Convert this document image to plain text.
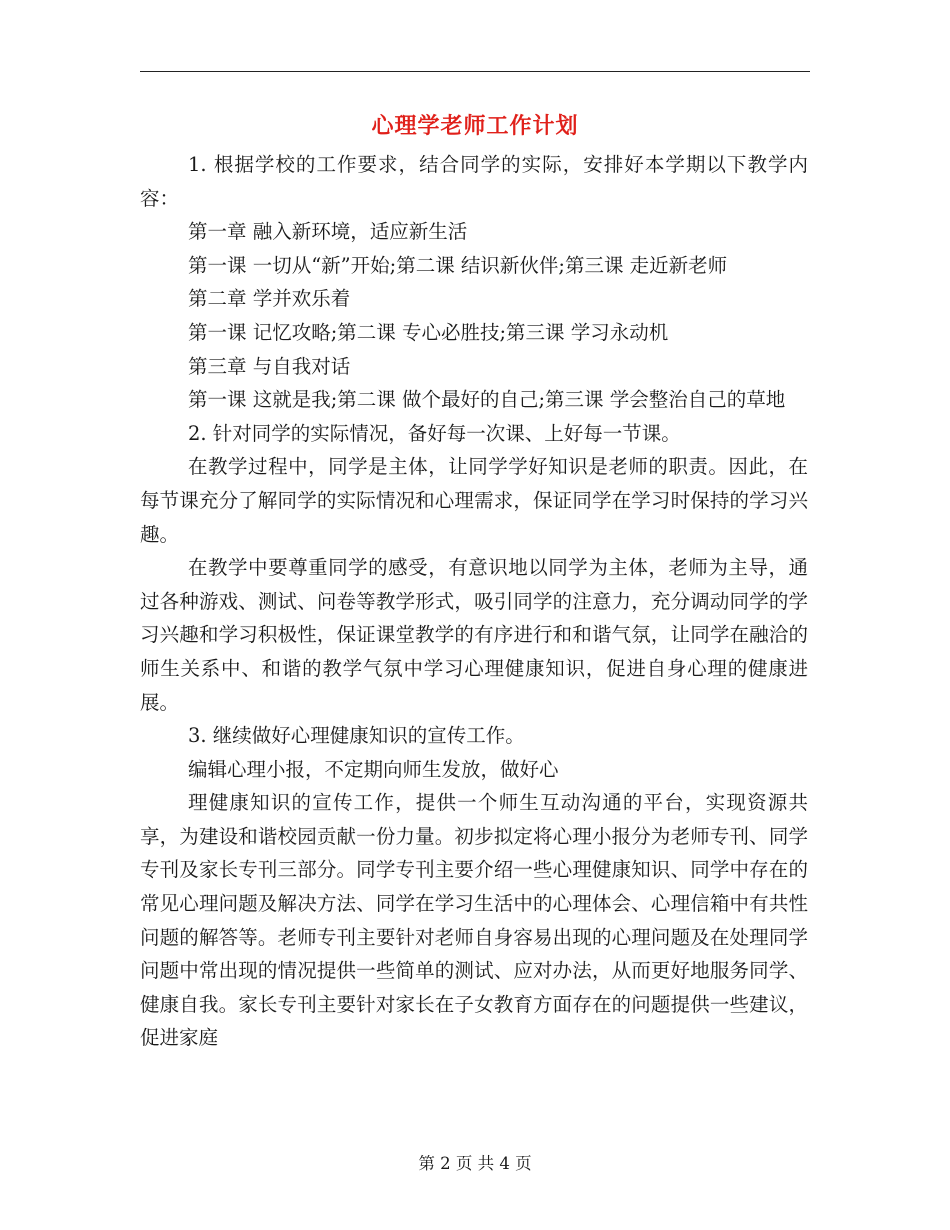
心理学老师工作计划

1. 根据学校的工作要求，结合同学的实际，安排好本学期以下教学内容：

第一章 融入新环境，适应新生活

第一课 一切从“新”开始;第二课 结识新伙伴;第三课 走近新老师

第二章 学并欢乐着

第一课 记忆攻略;第二课 专心必胜技;第三课 学习永动机

第三章 与自我对话

第一课 这就是我;第二课 做个最好的自己;第三课 学会整治自己的草地

2. 针对同学的实际情况，备好每一次课、上好每一节课。

在教学过程中，同学是主体，让同学学好知识是老师的职责。因此，在每节课充分了解同学的实际情况和心理需求，保证同学在学习时保持的学习兴趣。

在教学中要尊重同学的感受，有意识地以同学为主体，老师为主导，通过各种游戏、测试、问卷等教学形式，吸引同学的注意力，充分调动同学的学习兴趣和学习积极性，保证课堂教学的有序进行和和谐气氛，让同学在融洽的师生关系中、和谐的教学气氛中学习心理健康知识，促进自身心理的健康进展。

3. 继续做好心理健康知识的宣传工作。

编辑心理小报，不定期向师生发放，做好心

理健康知识的宣传工作，提供一个师生互动沟通的平台，实现资源共享，为建设和谐校园贡献一份力量。初步拟定将心理小报分为老师专刊、同学专刊及家长专刊三部分。同学专刊主要介绍一些心理健康知识、同学中存在的常见心理问题及解决方法、同学在学习生活中的心理体会、心理信箱中有共性问题的解答等。老师专刊主要针对老师自身容易出现的心理问题及在处理同学问题中常出现的情况提供一些简单的测试、应对办法，从而更好地服务同学、健康自我。家长专刊主要针对家长在子女教育方面存在的问题提供一些建议，促进家庭

第 2 页 共 4 页
